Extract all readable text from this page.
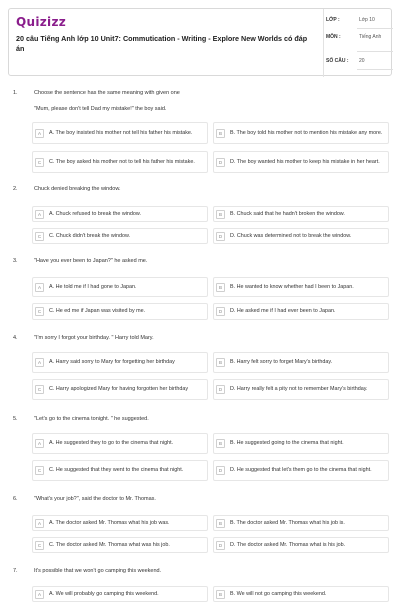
Quizizz
20 câu Tiếng Anh lớp 10 Unit7: Commutication - Writing - Explore New Worlds có đáp án
LỚP :	Lớp 10
MÔN :	Tiếng Anh
SỐ CÂU : 20
1.	Choose the sentence has the same meaning with given one
"Mum, please don't tell Dad my mistake!" the boy said.
A	A. The boy insisted his mother not tell his father his mistake.	B	B. The boy told his mother not to mention his mistake any more.
C	C. The boy asked his mother not to tell his father his mistake.	D	D. The boy wanted his mother to keep his mistake in her heart.
2.	Chuck denied breaking the window.
A	A. Chuck refused to break the window.	B	B. Chuck said that he hadn't broken the window.
C	C. Chuck didn't break the window.	D	D. Chuck was determined not to break the window.
3.	"Have you ever been to Japan?" he asked me.
A	A. He told me if I had gone to Japan.	B	B. He wanted to know whether had I been to Japan.
C	C. He ed me if Japan was visited by me.	D	D. He asked me if I had ever been to Japan.
4.	"I'm sorry I forgot your birthday. " Harry told Mary.
A	A. Harry said sorry to Mary for forgetting her birthday	B	B. Harry felt sorry to forget Mary's birthday.
C	C. Harry apologized Mary for having forgotten her birthday	D	D. Harry really felt a pity not to remember Mary's birthday.
5.	"Let's go to the cinema tonight. " he suggested.
A	A. He suggested they to go to the cinema that night.	B	B. He suggested going to the cinema that night.
C	C. He suggested that they went to the cinema that night.	D	D. He suggested that let's them go to the cinema that night.
6.	"What's your job?", said the doctor to Mr. Thomas.
A	A. The doctor asked Mr. Thomas what his job was.	B	B. The doctor asked Mr. Thomas what his job is.
C	C. The doctor asked Mr. Thomas what was his job.	D	D. The doctor asked Mr. Thomas what is his job.
7.	It's possible that we won't go camping this weekend.
A	A. We will probably go camping this weekend.	B	B. We will not go camping this weekend.
